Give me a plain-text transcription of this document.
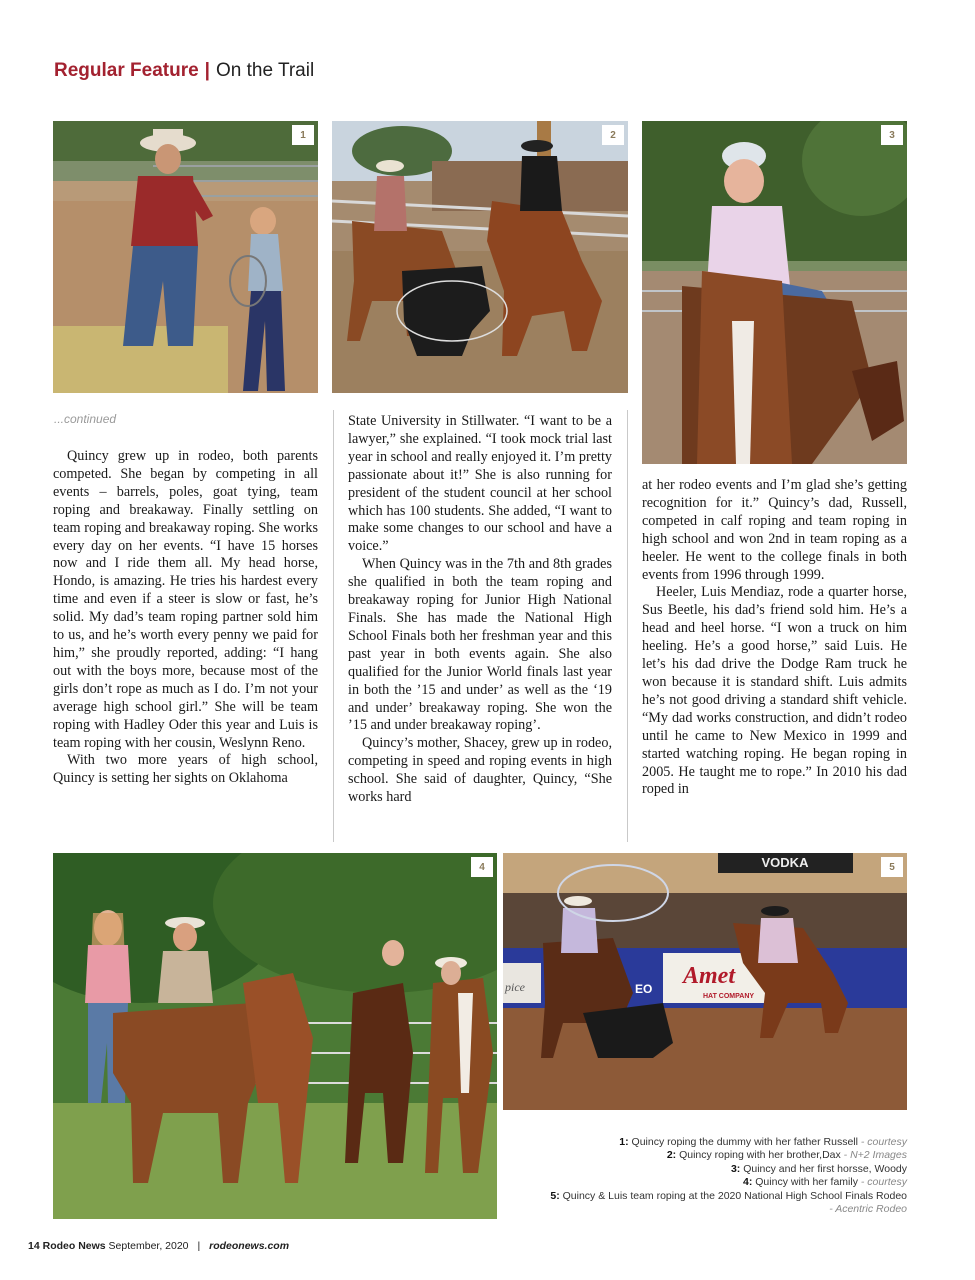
Regular Feature | On the Trail
1	2	3
...continued

Quincy grew up in rodeo, both parents competed. She began by competing in all events – barrels, poles, goat tying, team roping and breakaway. Finally settling on team roping and breakaway roping. She works every day on her events. “I have 15 horses now and I ride them all. My head horse, Hondo, is amazing. He tries his hardest every time and even if a steer is slow or fast, he’s solid. My dad’s team roping partner sold him to us, and he’s worth every penny we paid for him,” she proudly reported, adding: “I hang out with the boys more, because most of the girls don’t rope as much as I do. I’m not your average high school girl.” She will be team roping with Hadley Oder this year and Luis is team roping with her cousin, Weslynn Reno.

With two more years of high school, Quincy is setting her sights on Oklahoma

State University in Stillwater. “I want to be a lawyer,” she explained. “I took mock trial last year in school and really enjoyed it. I’m pretty passionate about it!” She is also running for president of the student council at her school which has 100 students. She added, “I want to make some changes to our school and have a voice.”

When Quincy was in the 7th and 8th grades she qualified in both the team roping and breakaway roping for Junior High National Finals. She has made the National High School Finals both her freshman year and this past year in both events again. She also qualified for the Junior World finals last year in both the ’15 and under’ as well as the ‘19 and under’ breakaway roping. She won the ’15 and under breakaway roping’.

Quincy’s mother, Shacey, grew up in rodeo, competing in speed and roping events in high school. She said of daughter, Quincy, “She works hard

at her rodeo events and I’m glad she’s getting recognition for it.” Quincy’s dad, Russell, competed in calf roping and team roping in high school and won 2nd in team roping as a heeler. He went to the college finals in both events from 1996 through 1999.

Heeler, Luis Mendiaz, rode a quarter horse, Sus Beetle, his dad’s friend sold him. He’s a head and heel horse. “I won a truck on him heeling. He’s a good horse,” said Luis. He let’s his dad drive the Dodge Ram truck he won because it is standard shift. Luis admits he’s not good driving a standard shift vehicle. “My dad works construction, and didn’t rodeo until he came to New Mexico in 1999 and started watching roping. He began roping in 2005. He taught me to rope.” In 2010 his dad roped in

4	VODKA
Amet
HAT COMPANY
EO
pice
5
1: Quincy roping the dummy with her father Russell - courtesy
2: Quincy roping with her brother,Dax - N+2 Images
3: Quincy and her first horsse, Woody
4: Quincy with her family - courtesy
5: Quincy & Luis team roping at the 2020 National High School Finals Rodeo
- Acentric Rodeo
14 Rodeo News September, 2020 | rodeonews.com
